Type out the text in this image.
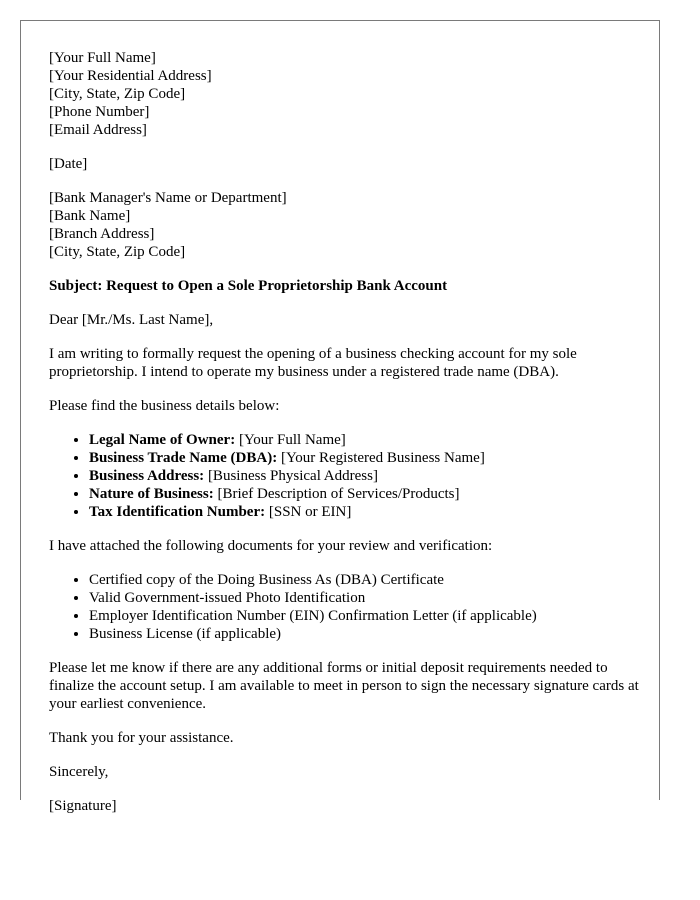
[Your Full Name]
[Your Residential Address]
[City, State, Zip Code]
[Phone Number]
[Email Address]

[Date]

[Bank Manager's Name or Department]
[Bank Name]
[Branch Address]
[City, State, Zip Code]

Subject: Request to Open a Sole Proprietorship Bank Account

Dear [Mr./Ms. Last Name],

I am writing to formally request the opening of a business checking account for my sole proprietorship. I intend to operate my business under a registered trade name (DBA).

Please find the business details below:

• Legal Name of Owner: [Your Full Name]
• Business Trade Name (DBA): [Your Registered Business Name]
• Business Address: [Business Physical Address]
• Nature of Business: [Brief Description of Services/Products]
• Tax Identification Number: [SSN or EIN]

I have attached the following documents for your review and verification:

• Certified copy of the Doing Business As (DBA) Certificate
• Valid Government-issued Photo Identification
• Employer Identification Number (EIN) Confirmation Letter (if applicable)
• Business License (if applicable)

Please let me know if there are any additional forms or initial deposit requirements needed to finalize the account setup. I am available to meet in person to sign the necessary signature cards at your earliest convenience.

Thank you for your assistance.

Sincerely,

[Signature]
